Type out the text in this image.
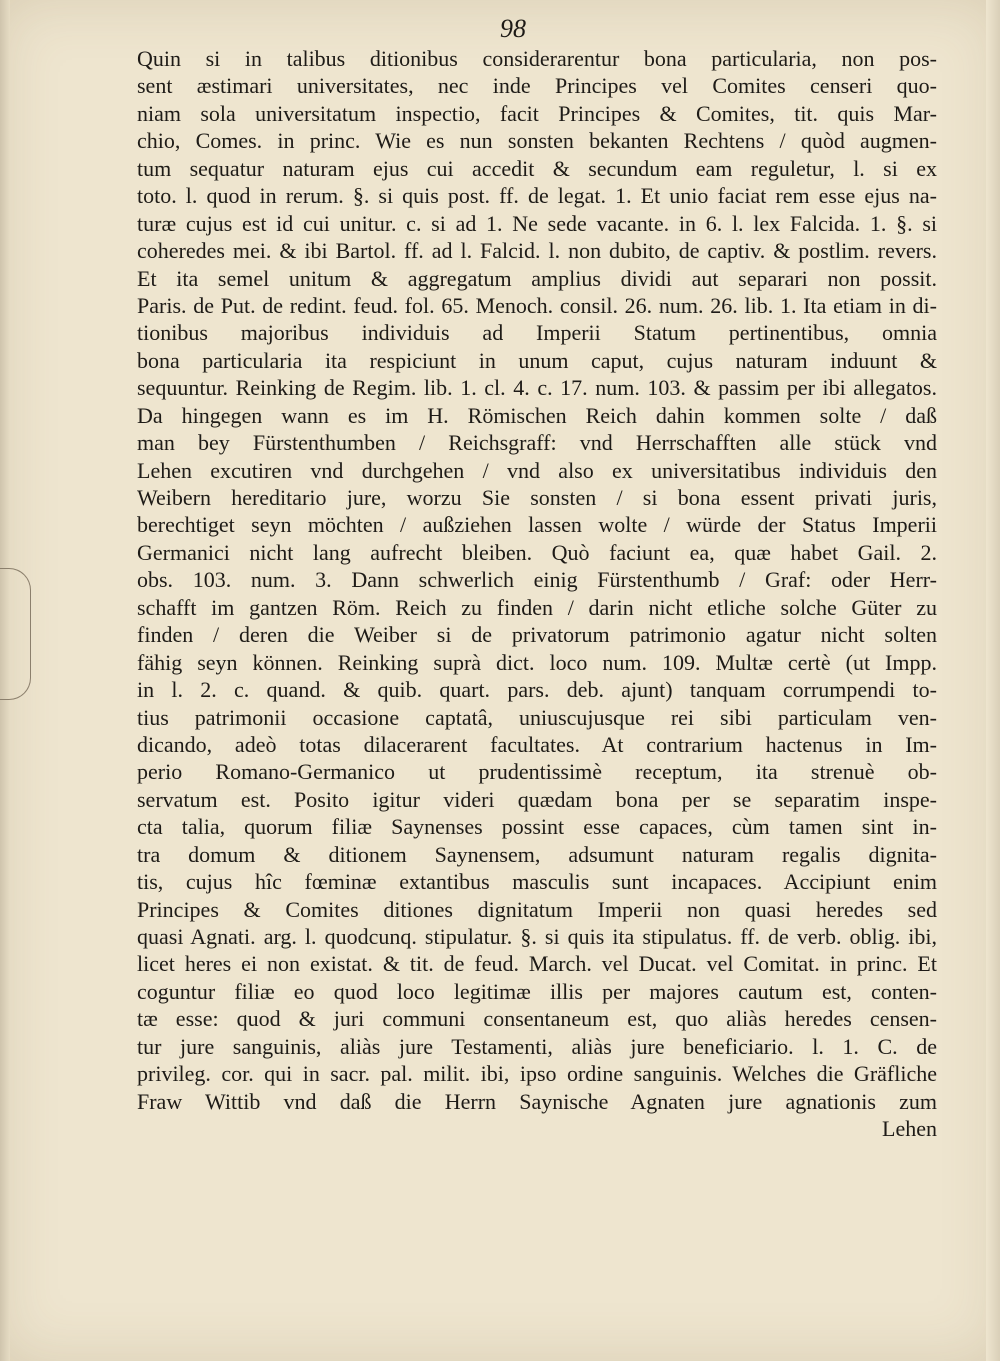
98
Quin si in talibus ditionibus considerarentur bona particularia, non pos-
sent æstimari universitates, nec inde Principes vel Comites censeri quo-
niam sola universitatum inspectio, facit Principes & Comites, tit. quis Mar-
chio, Comes. in princ. Wie es nun sonsten bekanten Rechtens / quòd augmen-
tum sequatur naturam ejus cui accedit & secundum eam reguletur, l. si ex
toto. l. quod in rerum. §. si quis post. ff. de legat. 1. Et unio faciat rem esse ejus na-
turæ cujus est id cui unitur. c. si ad 1. Ne sede vacante. in 6. l. lex Falcida. 1. §. si
coheredes mei. & ibi Bartol. ff. ad l. Falcid. l. non dubito, de captiv. & postlim. revers.
Et ita semel unitum & aggregatum amplius dividi aut separari non possit.
Paris. de Put. de redint. feud. fol. 65. Menoch. consil. 26. num. 26. lib. 1. Ita etiam in di-
tionibus majoribus individuis ad Imperii Statum pertinentibus, omnia
bona particularia ita respiciunt in unum caput, cujus naturam induunt &
sequuntur. Reinking de Regim. lib. 1. cl. 4. c. 17. num. 103. & passim per ibi allegatos.
Da hingegen wann es im H. Römischen Reich dahin kommen solte / daß
man bey Fürstenthumben / Reichsgraff: vnd Herrschafften alle stück vnd
Lehen excutiren vnd durchgehen / vnd also ex universitatibus individuis den
Weibern hereditario jure, worzu Sie sonsten / si bona essent privati juris,
berechtiget seyn möchten / außziehen lassen wolte / würde der Status Imperii
Germanici nicht lang aufrecht bleiben. Quò faciunt ea, quæ habet Gail. 2.
obs. 103. num. 3. Dann schwerlich einig Fürstenthumb / Graf: oder Herr-
schafft im gantzen Röm. Reich zu finden / darin nicht etliche solche Güter zu
finden / deren die Weiber si de privatorum patrimonio agatur nicht solten
fähig seyn können. Reinking suprà dict. loco num. 109. Multæ certè (ut Impp.
in l. 2. c. quand. & quib. quart. pars. deb. ajunt) tanquam corrumpendi to-
tius patrimonii occasione captatâ, uniuscujusque rei sibi particulam ven-
dicando, adeò totas dilacerarent facultates. At contrarium hactenus in Im-
perio Romano-Germanico ut prudentissimè receptum, ita strenuè ob-
servatum est. Posito igitur videri quædam bona per se separatim inspe-
cta talia, quorum filiæ Saynenses possint esse capaces, cùm tamen sint in-
tra domum & ditionem Saynensem, adsumunt naturam regalis dignita-
tis, cujus hîc fœminæ extantibus masculis sunt incapaces. Accipiunt enim
Principes & Comites ditiones dignitatum Imperii non quasi heredes sed
quasi Agnati. arg. l. quodcunq. stipulatur. §. si quis ita stipulatus. ff. de verb. oblig. ibi,
licet heres ei non existat. & tit. de feud. March. vel Ducat. vel Comitat. in princ. Et
coguntur filiæ eo quod loco legitimæ illis per majores cautum est, conten-
tæ esse: quod & juri communi consentaneum est, quo aliàs heredes censen-
tur jure sanguinis, aliàs jure Testamenti, aliàs jure beneficiario. l. 1. C. de
privileg. cor. qui in sacr. pal. milit. ibi, ipso ordine sanguinis. Welches die Gräfliche
Fraw Wittib vnd daß die Herrn Saynische Agnaten jure agnationis zum
Lehen
